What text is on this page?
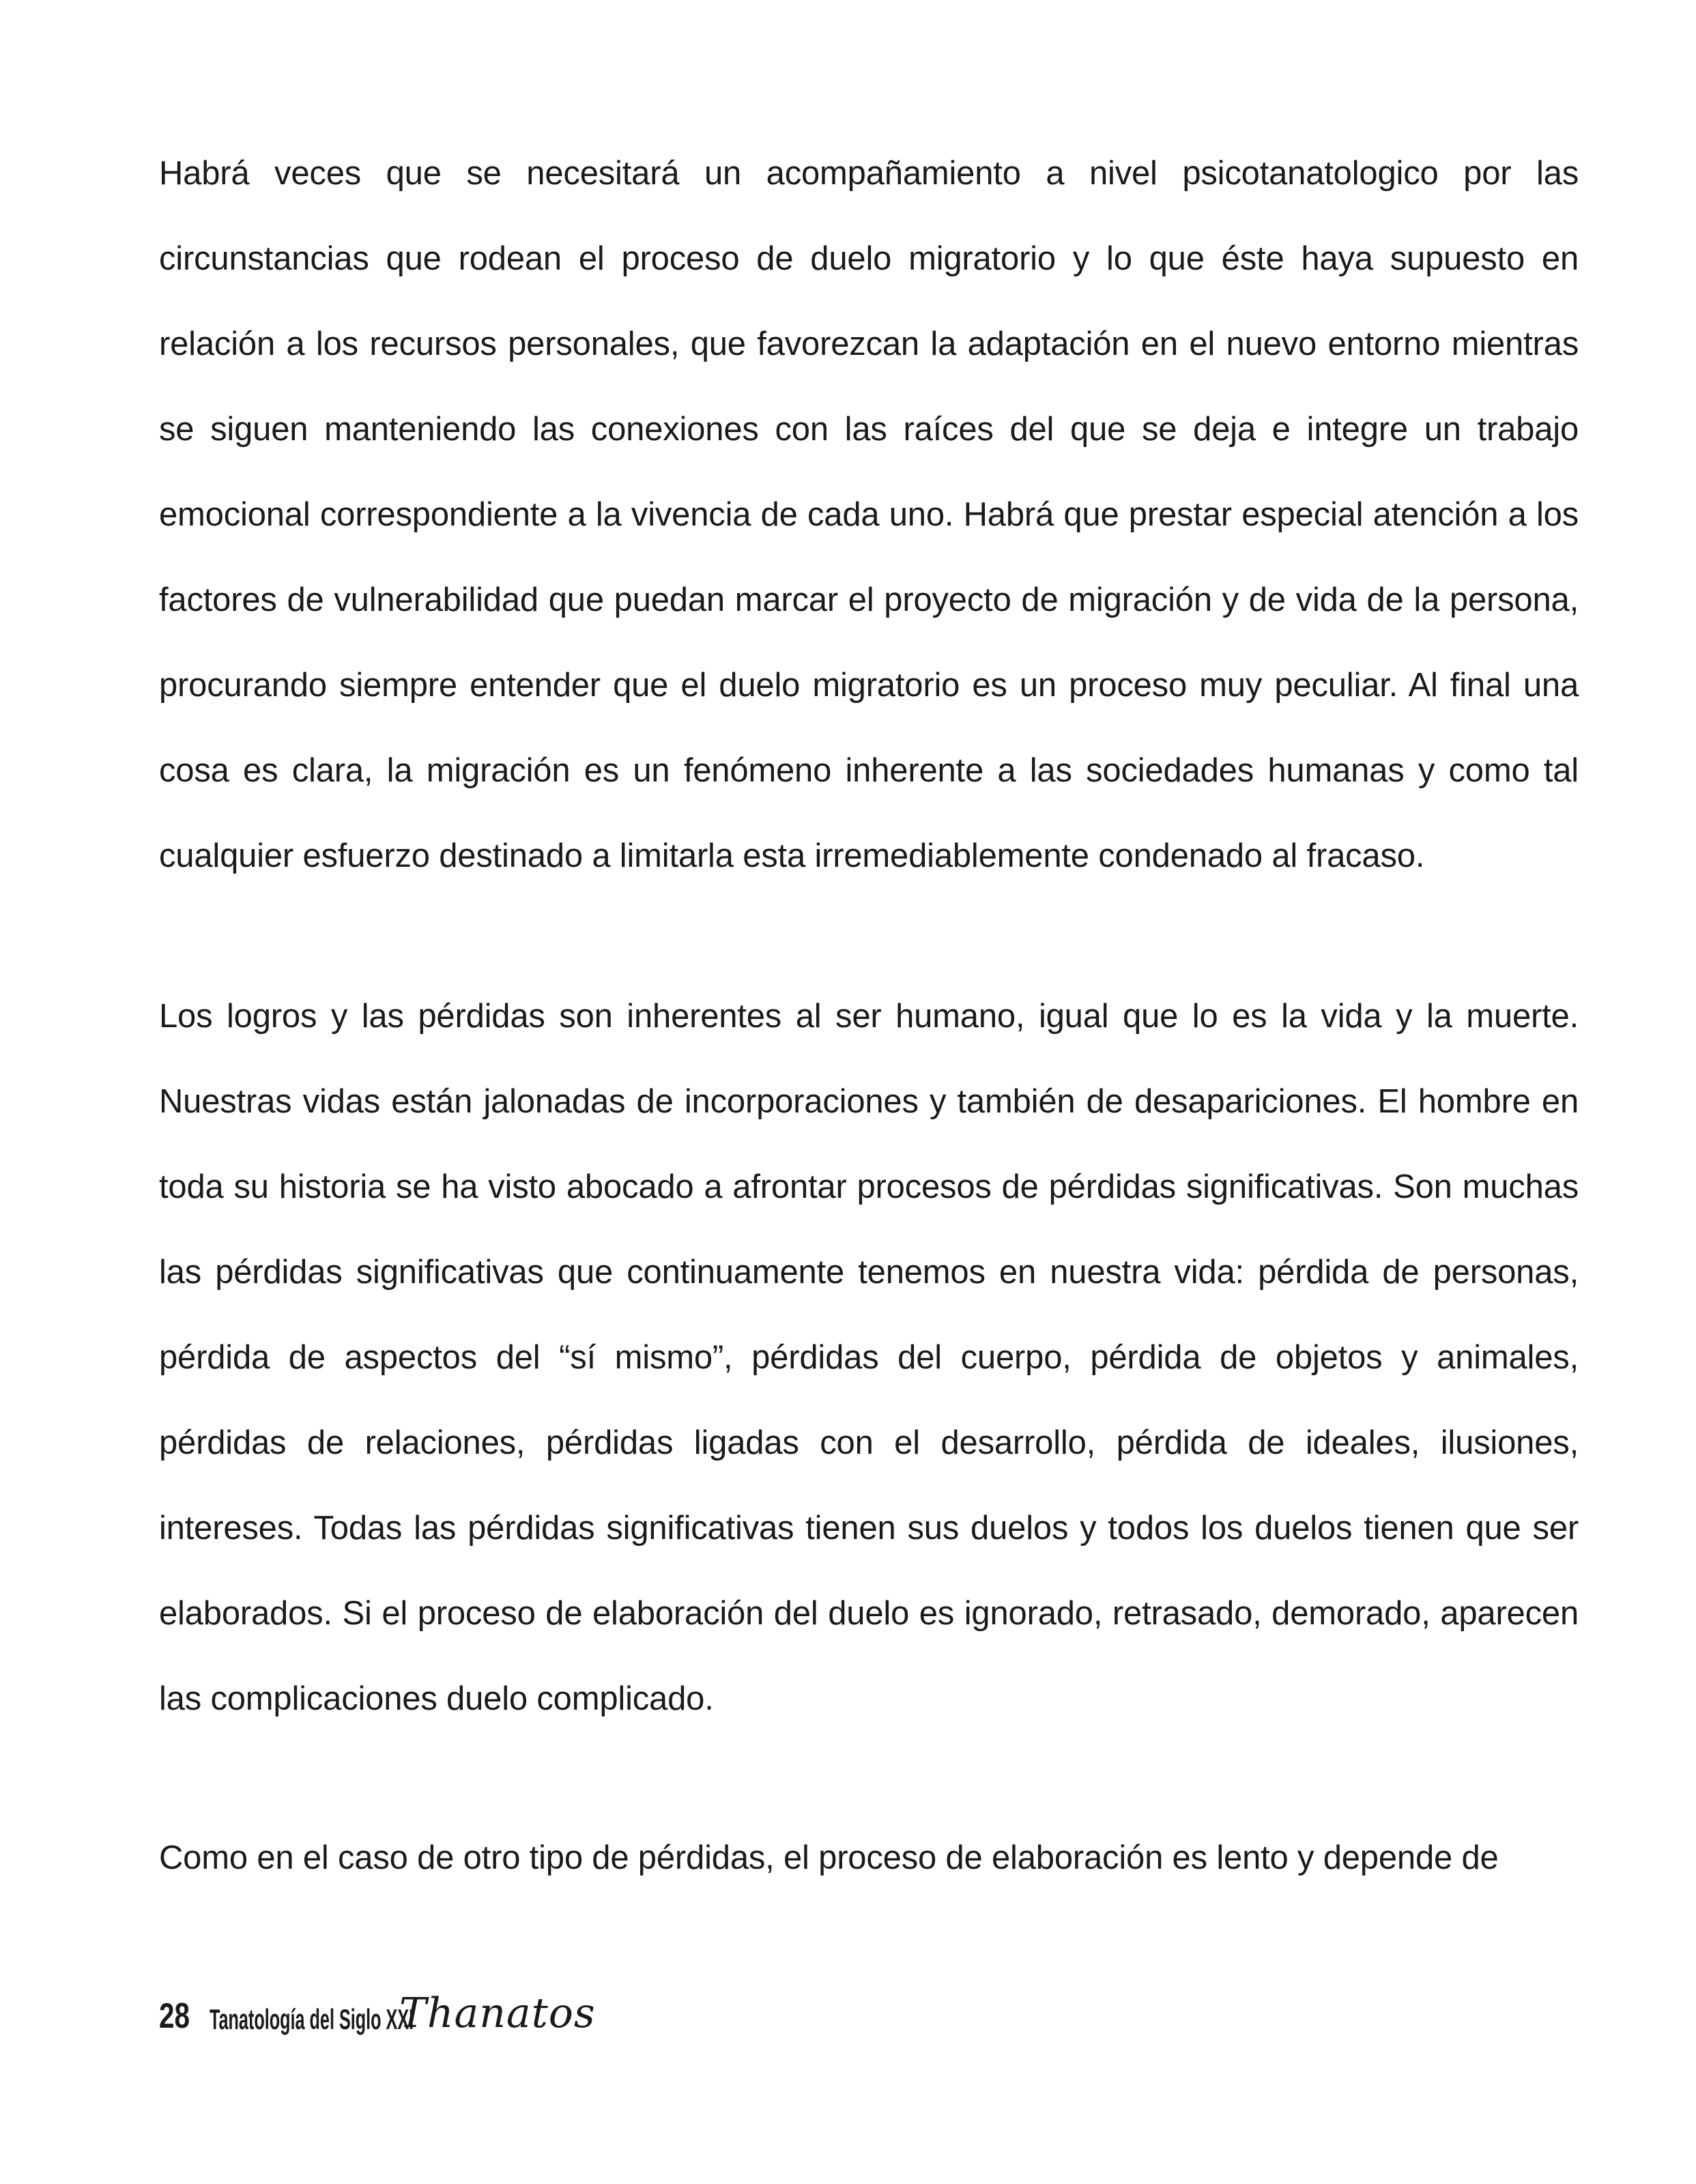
Habrá veces que se necesitará un acompañamiento a nivel psicotanatologico por las circunstancias que rodean el proceso de duelo migratorio y lo que éste haya supuesto en relación a los recursos personales, que favorezcan la adaptación en el nuevo entorno mientras se siguen manteniendo las conexiones con las raíces del que se deja e integre un trabajo emocional correspondiente a la vivencia de cada uno. Habrá que prestar especial atención a los factores de vulnerabilidad que puedan marcar el proyecto de migración y de vida de la persona, procurando siempre entender que el duelo migratorio es un proceso muy peculiar. Al final una cosa es clara, la migración es un fenómeno inherente a las sociedades humanas y como tal cualquier esfuerzo destinado a limitarla esta irremediablemente condenado al fracaso.

Los logros y las pérdidas son inherentes al ser humano, igual que lo es la vida y la muerte. Nuestras vidas están jalonadas de incorporaciones y también de desapariciones. El hombre en toda su historia se ha visto abocado a afrontar procesos de pérdidas significativas. Son muchas las pérdidas significativas que continuamente tenemos en nuestra vida: pérdida de personas, pérdida de aspectos del “sí mismo”, pérdidas del cuerpo, pérdida de objetos y animales, pérdidas de relaciones, pérdidas ligadas con el desarrollo, pérdida de ideales, ilusiones, intereses. Todas las pérdidas significativas tienen sus duelos y todos los duelos tienen que ser elaborados. Si el proceso de elaboración del duelo es ignorado, retrasado, demorado, aparecen las complicaciones duelo complicado.

Como en el caso de otro tipo de pérdidas, el proceso de elaboración es lento y depende de

28 Tanatología del Siglo XXI
Thanatos
